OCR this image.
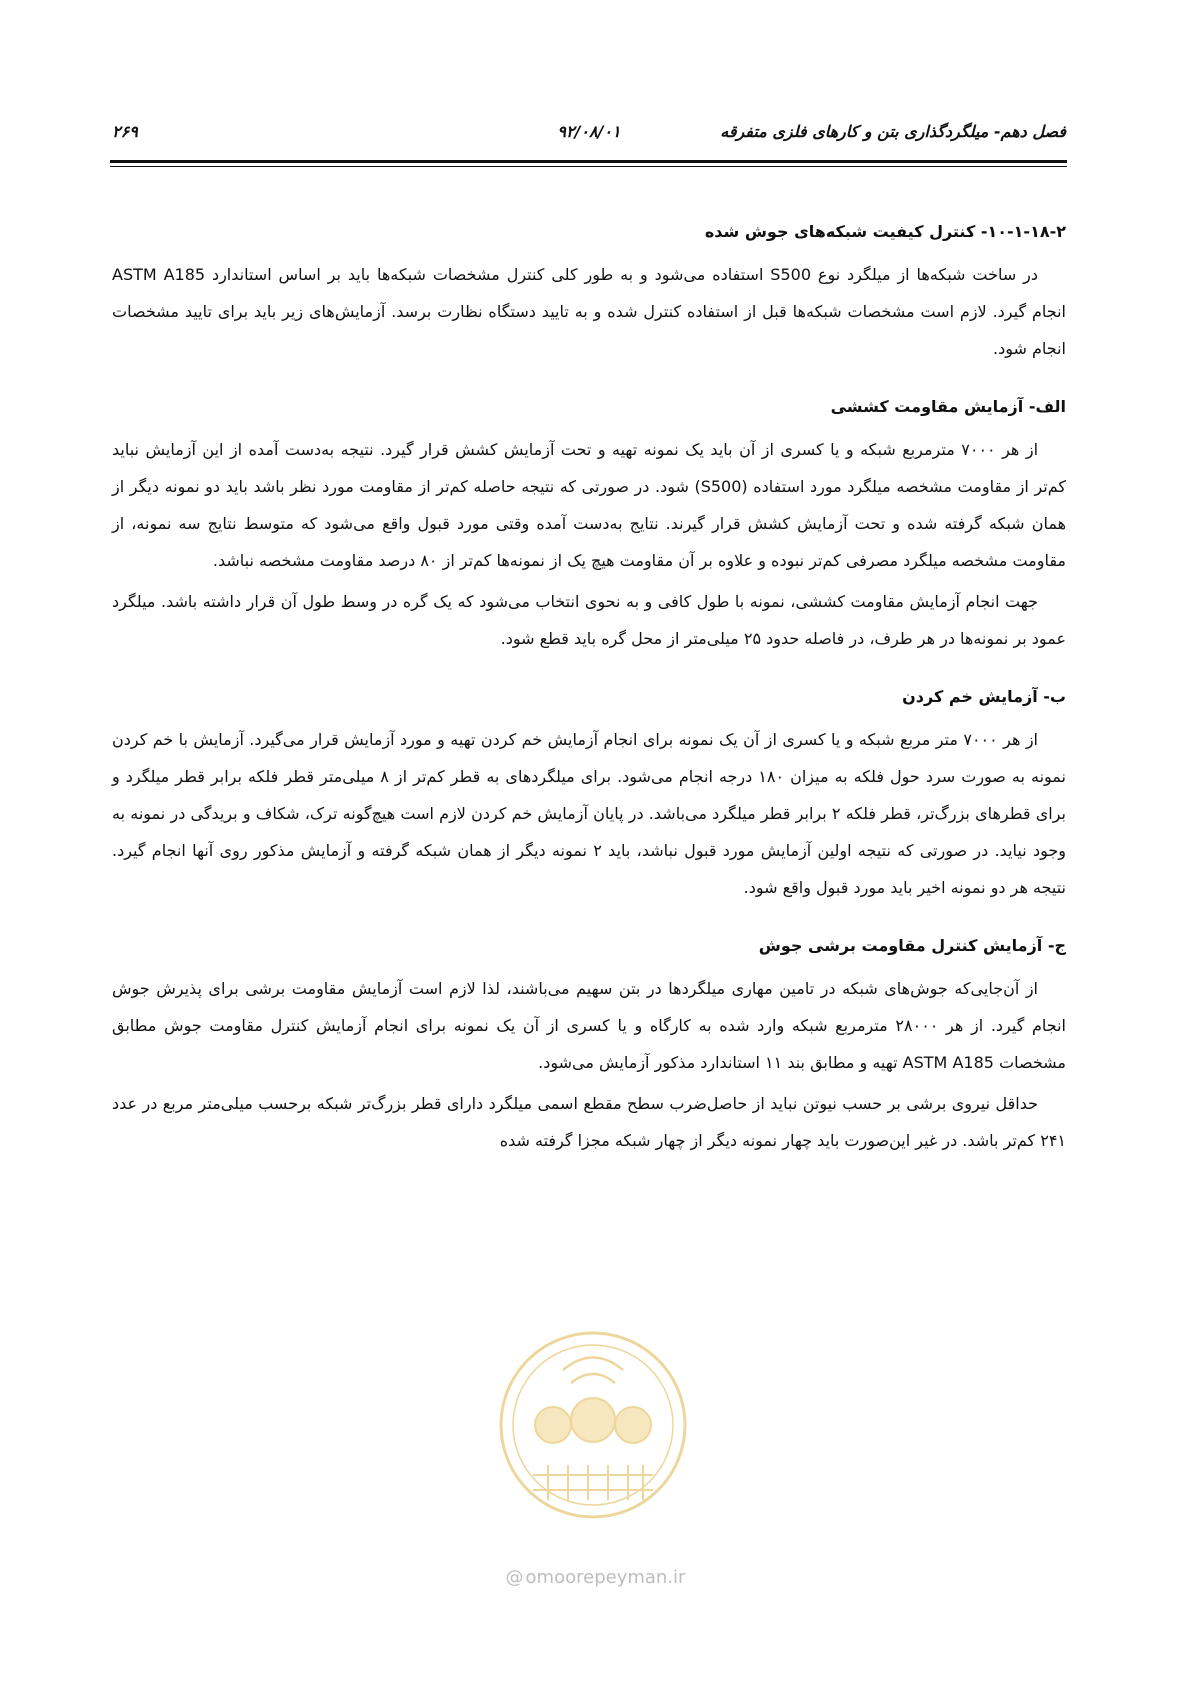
فصل دهم- میلگردگذاری بتن و کارهای فلزی متفرقه
۹۲/۰۸/۰۱
۲۶۹
۱۰-۱-۱۸-۲- کنترل کیفیت شبکه‌های جوش شده

در ساخت شبکه‌ها از میلگرد نوع S500 استفاده می‌شود و به طور کلی کنترل مشخصات شبکه‌ها باید بر اساس استاندارد ASTM A185 انجام گیرد. لازم است مشخصات شبکه‌ها قبل از استفاده کنترل شده و به تایید دستگاه نظارت برسد. آزمایش‌های زیر باید برای تایید مشخصات انجام شود.

الف- آزمایش مقاومت کششی

از هر ۷۰۰۰ مترمربع شبکه و یا کسری از آن باید یک نمونه تهیه و تحت آزمایش کشش قرار گیرد. نتیجه به‌دست آمده از این آزمایش نباید کم‌تر از مقاومت مشخصه میلگرد مورد استفاده (S500) شود. در صورتی که نتیجه حاصله کم‌تر از مقاومت مورد نظر باشد باید دو نمونه دیگر از همان شبکه گرفته شده و تحت آزمایش کشش قرار گیرند. نتایج به‌دست آمده وقتی مورد قبول واقع می‌شود که متوسط نتایج سه نمونه، از مقاومت مشخصه میلگرد مصرفی کم‌تر نبوده و علاوه بر آن مقاومت هیچ یک از نمونه‌ها کم‌تر از ۸۰ درصد مقاومت مشخصه نباشد.

جهت انجام آزمایش مقاومت کششی، نمونه با طول کافی و به نحوی انتخاب می‌شود که یک گره در وسط طول آن قرار داشته باشد. میلگرد عمود بر نمونه‌ها در هر طرف، در فاصله حدود ۲۵ میلی‌متر از محل گره باید قطع شود.

ب- آزمایش خم کردن

از هر ۷۰۰۰ متر مربع شبکه و یا کسری از آن یک نمونه برای انجام آزمایش خم کردن تهیه و مورد آزمایش قرار می‌گیرد. آزمایش با خم کردن نمونه به صورت سرد حول فلکه به میزان ۱۸۰ درجه انجام می‌شود. برای میلگردهای به قطر کم‌تر از ۸ میلی‌متر قطر فلکه برابر قطر میلگرد و برای قطرهای بزرگ‌تر، قطر فلکه ۲ برابر قطر میلگرد می‌باشد. در پایان آزمایش خم کردن لازم است هیچ‌گونه ترک، شکاف و بریدگی در نمونه به وجود نیاید. در صورتی که نتیجه اولین آزمایش مورد قبول نباشد، باید ۲ نمونه دیگر از همان شبکه گرفته و آزمایش مذکور روی آنها انجام گیرد. نتیجه هر دو نمونه اخیر باید مورد قبول واقع شود.

ج- آزمایش کنترل مقاومت برشی جوش

از آن‌جایی‌که جوش‌های شبکه در تامین مهاری میلگردها در بتن سهیم می‌باشند، لذا لازم است آزمایش مقاومت برشی برای پذیرش جوش انجام گیرد. از هر ۲۸۰۰۰ مترمربع شبکه وارد شده به کارگاه و یا کسری از آن یک نمونه برای انجام آزمایش کنترل مقاومت جوش مطابق مشخصات ASTM A185 تهیه و مطابق بند ۱۱ استاندارد مذکور آزمایش می‌شود.

حداقل نیروی برشی بر حسب نیوتن نباید از حاصل‌ضرب سطح مقطع اسمی میلگرد دارای قطر بزرگ‌تر شبکه برحسب میلی‌متر مربع در عدد ۲۴۱ کم‌تر باشد. در غیر این‌صورت باید چهار نمونه دیگر از چهار شبکه مجزا گرفته شده

@ omoorepeyman.ir
